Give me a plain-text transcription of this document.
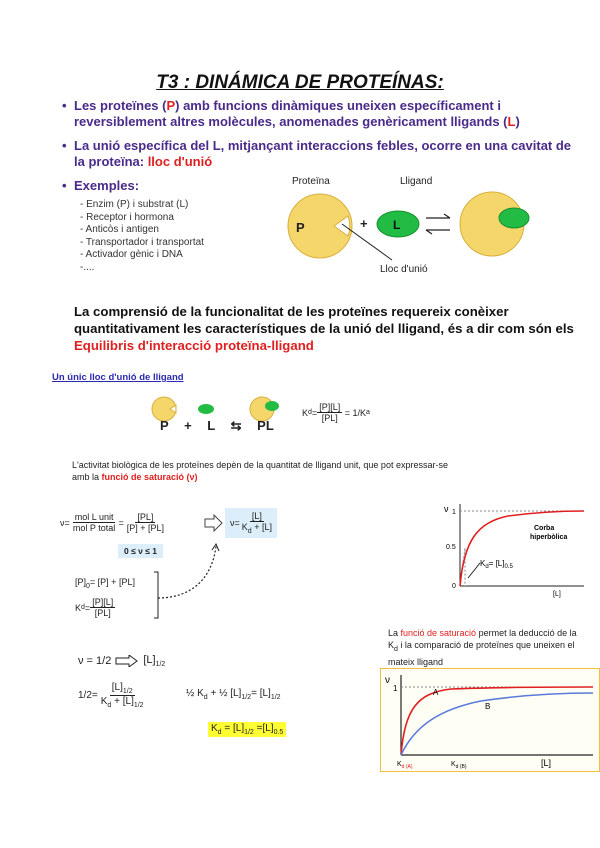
T3 : DINÁMICA DE PROTEÍNAS:
• Les proteïnes (P) amb funcions dinàmiques uneixen específicament i reversiblement altres molècules, anomenades genèricament lligands (L)
• La unió específica del L, mitjançant interaccions febles, ocorre en una cavitat de la proteïna: lloc d'unió
• Exemples:
- Enzim (P) i substrat (L)
- Receptor i hormona
- Anticòs i antigen
- Transportador i transportat
- Activador gènic i DNA
-....
Proteïna	Lligand
P	+ L
Lloc d'unió
La comprensió de la funcionalitat de les proteïnes requereix conèixer quantitativament les característiques de la unió del lligand, és a dir com són els Equilibris d'interacció proteïna-lligand
Un únic lloc d'unió de lligand
P + L ⇆ PL
K $d = \frac{[P][L]}{[PL]}$
= 1/K a
L'activitat biològica de les proteïnes depèn de la quantitat de lligand unit, que pot expressar-se amb la funció de saturació (ν)
$\nu= \frac{\text{mol L unit}}{\text{mol P total}} = \frac{[PL]}{[P] + [PL]}$	$\nu= \frac{[L]}{K_d + [L]}$
0 ≤ ν ≤ 1
$[P]_0= [P] + [PL]$
K $d = \frac{[P][L]}{[PL]}$
ν = 1/2	$[L]_{1/2}$
$1/2= \frac{[L]_{1/2}}{K_d + [L]_{1/2}}$	½ $K_d$ + ½ $[L]_{1/2}= [L]_{1/2}$
$K_d = [L]_{1/2} =[L]_{0.5}$
ν 1
0.5
0
Corba hiperbòlica
$K_d= [L]_{0.5}$
[L]
La funció de saturació permet la deducció de la $K_d$ i la comparació de proteïnes que uneixen el mateix lligand
ν
1	A
B
$K_{d (A)}$	$K_{d (B)}$	[L]
